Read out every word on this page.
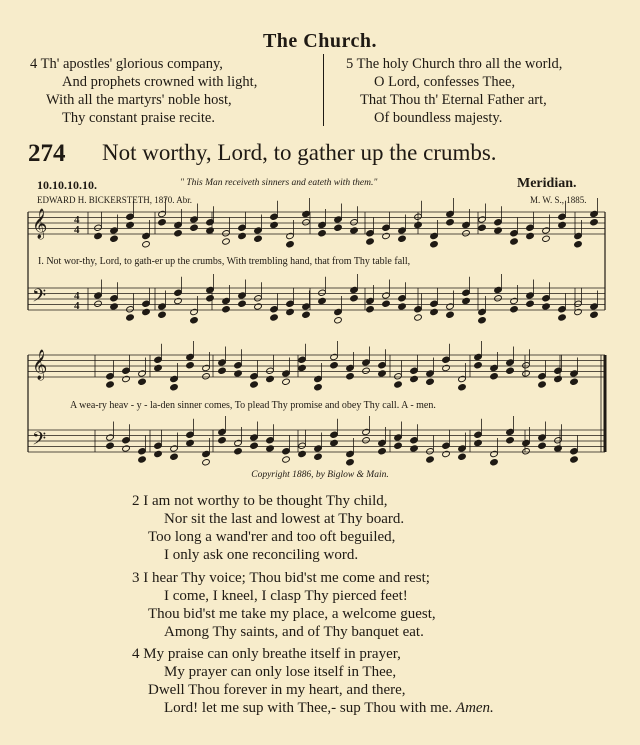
The Church.
4 Th' apostles' glorious company,
And prophets crowned with light,
With all the martyrs' noble host,
Thy constant praise recite.
5 The holy Church thro all the world,
O Lord, confesses Thee,
That Thou th' Eternal Father art,
Of boundless majesty.
274 Not worthy, Lord, to gather up the crumbs.
10.10.10.10.	" This Man receiveth sinners and eateth with them."	Meridian.
EDWARD H. BICKERSTETH, 1870. Abr.	M. W. S., 1885.
𝄞
𝄞
𝄢
𝄢
4
4
4
4
I. Not wor-thy, Lord, to gath-er up the crumbs, With trembling hand, that from Thy table fall,
A wea-ry heav - y - la-den sinner comes, To plead Thy promise and obey Thy call. A - men.
Copyright 1886, by Biglow & Main.
2 I am not worthy to be thought Thy child,
Nor sit the last and lowest at Thy board.
Too long a wand'rer and too oft beguiled,
I only ask one reconciling word.
3 I hear Thy voice; Thou bid'st me come and rest;
I come, I kneel, I clasp Thy pierced feet!
Thou bid'st me take my place, a welcome guest,
Among Thy saints, and of Thy banquet eat.
4 My praise can only breathe itself in prayer,
My prayer can only lose itself in Thee,
Dwell Thou forever in my heart, and there,
Lord! let me sup with Thee,- sup Thou with me. Amen.
